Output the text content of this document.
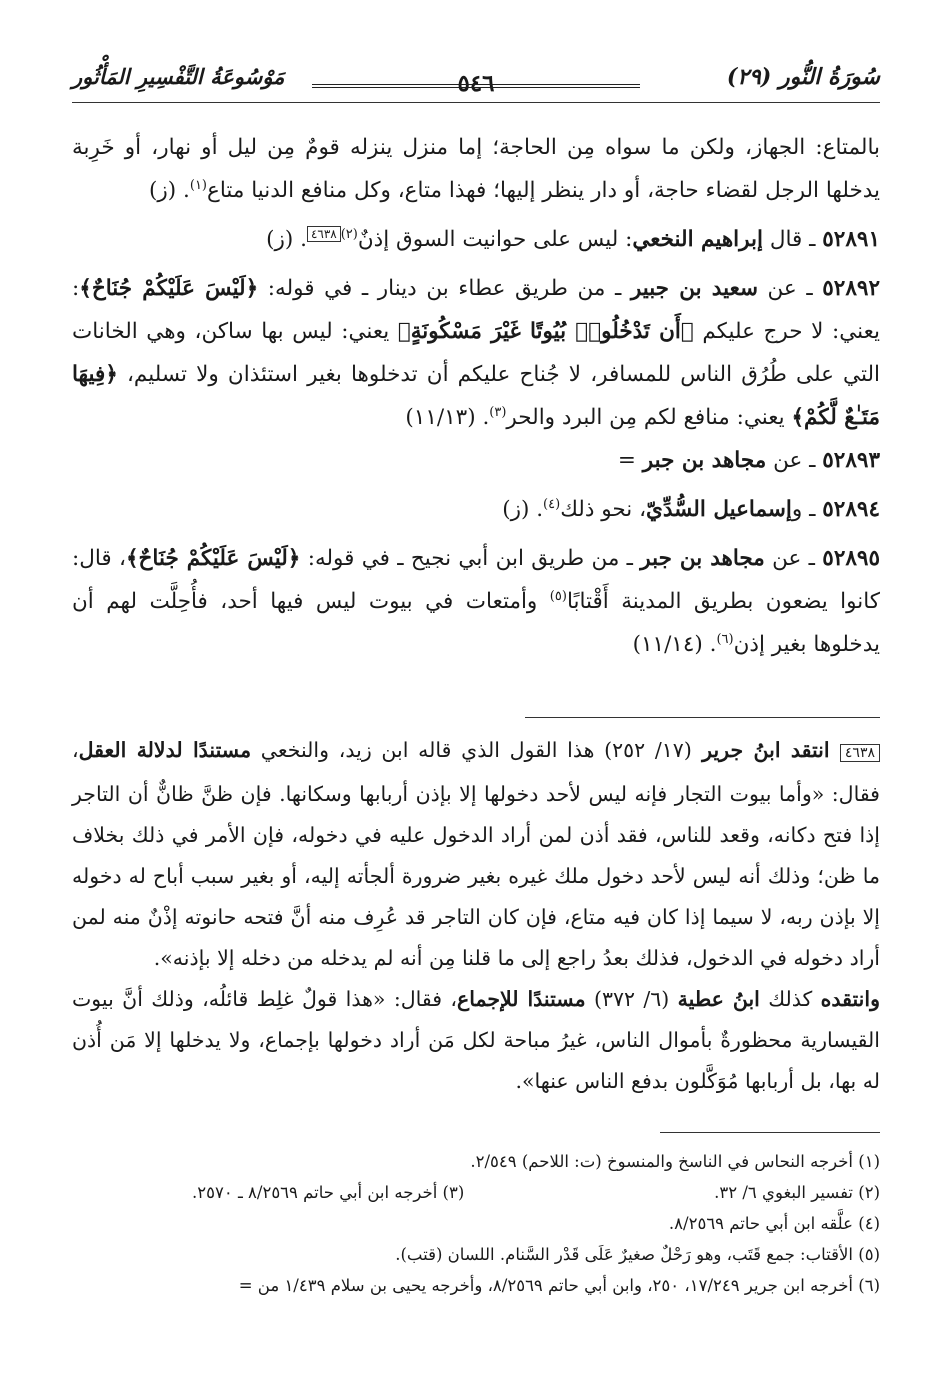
سُورَةُ النُّور (٢٩)
٥٤٦
مَوْسُوعَةُ التَّفْسِيرِ المَأْثُور

بالمتاع: الجهاز، ولكن ما سواه مِن الحاجة؛ إما منزل ينزله قومٌ مِن ليل أو نهار، أو خَرِبة يدخلها الرجل لقضاء حاجة، أو دار ينظر إليها؛ فهذا متاع، وكل منافع الدنيا متاع$^{(١)}$. (ز)

٥٢٨٩١ ـ قال إبراهيم النخعي: ليس على حوانيت السوق إذنٌ$^{(٢)٤٦٣٨}$. (ز)

٥٢٨٩٢ ـ عن سعيد بن جبير ـ من طريق عطاء بن دينار ـ في قوله: ﴿لَيْسَ عَلَيْكُمْ جُنَاحٌ﴾: يعني: لا حرج عليكم ﴿أَن تَدْخُلُوا۟ بُيُوتًا غَيْرَ مَسْكُونَةٍ﴾ يعني: ليس بها ساكن، وهي الخانات التي على طُرُق الناس للمسافر، لا جُناح عليكم أن تدخلوها بغير استئذان ولا تسليم، ﴿فِيهَا مَتَـٰعٌ لَّكُمْ﴾ يعني: منافع لكم مِن البرد والحر$^{(٣)}$. (١١/١٣)

٥٢٨٩٣ ـ عن مجاهد بن جبر =

٥٢٨٩٤ ـ وإسماعيل السُّدِّيّ، نحو ذلك$^{(٤)}$. (ز)

٥٢٨٩٥ ـ عن مجاهد بن جبر ـ من طريق ابن أبي نجيح ـ في قوله: ﴿لَيْسَ عَلَيْكُمْ جُنَاحٌ﴾، قال: كانوا يضعون بطريق المدينة أَقْتابًا$^{(٥)}$ وأمتعات في بيوت ليس فيها أحد، فأُحِلَّت لهم أن يدخلوها بغير إذن$^{(٦)}$. (١١/١٤)

٤٦٣٨ انتقد ابنُ جرير (١٧/ ٢٥٢) هذا القول الذي قاله ابن زيد، والنخعي مستندًا لدلالة العقل، فقال: «وأما بيوت التجار فإنه ليس لأحد دخولها إلا بإذن أربابها وسكانها. فإن ظنَّ ظانٌّ أن التاجر إذا فتح دكانه، وقعد للناس، فقد أذن لمن أراد الدخول عليه في دخوله، فإن الأمر في ذلك بخلاف ما ظن؛ وذلك أنه ليس لأحد دخول ملك غيره بغير ضرورة ألجأته إليه، أو بغير سبب أباح له دخوله إلا بإذن ربه، لا سيما إذا كان فيه متاع، فإن كان التاجر قد عُرِف منه أنَّ فتحه حانوته إذْنٌ منه لمن أراد دخوله في الدخول، فذلك بعدُ راجع إلى ما قلنا مِن أنه لم يدخله من دخله إلا بإذنه».

وانتقده كذلك ابنُ عطية (٦/ ٣٧٢) مستندًا للإجماع، فقال: «هذا قولٌ غلِط قائلُه، وذلك أنَّ بيوت القيسارية محظورةٌ بأموال الناس، غيرُ مباحة لكل مَن أراد دخولها بإجماع، ولا يدخلها إلا مَن أُذن له بها، بل أربابها مُوَكَّلون بدفع الناس عنها».

(١) أخرجه النحاس في الناسخ والمنسوخ (ت: اللاحم) ٢/٥٤٩.

(٢) تفسير البغوي ٦/ ٣٢.

(٣) أخرجه ابن أبي حاتم ٨/٢٥٦٩ ـ ٢٥٧٠.

(٤) علَّقه ابن أبي حاتم ٨/٢٥٦٩.

(٥) الأقتاب: جمع قَتَب، وهو رَحْلٌ صغيرٌ عَلَى قَدْر السَّنام. اللسان (قتب).

(٦) أخرجه ابن جرير ١٧/٢٤٩، ٢٥٠، وابن أبي حاتم ٨/٢٥٦٩، وأخرجه يحيى بن سلام ١/٤٣٩ من =
